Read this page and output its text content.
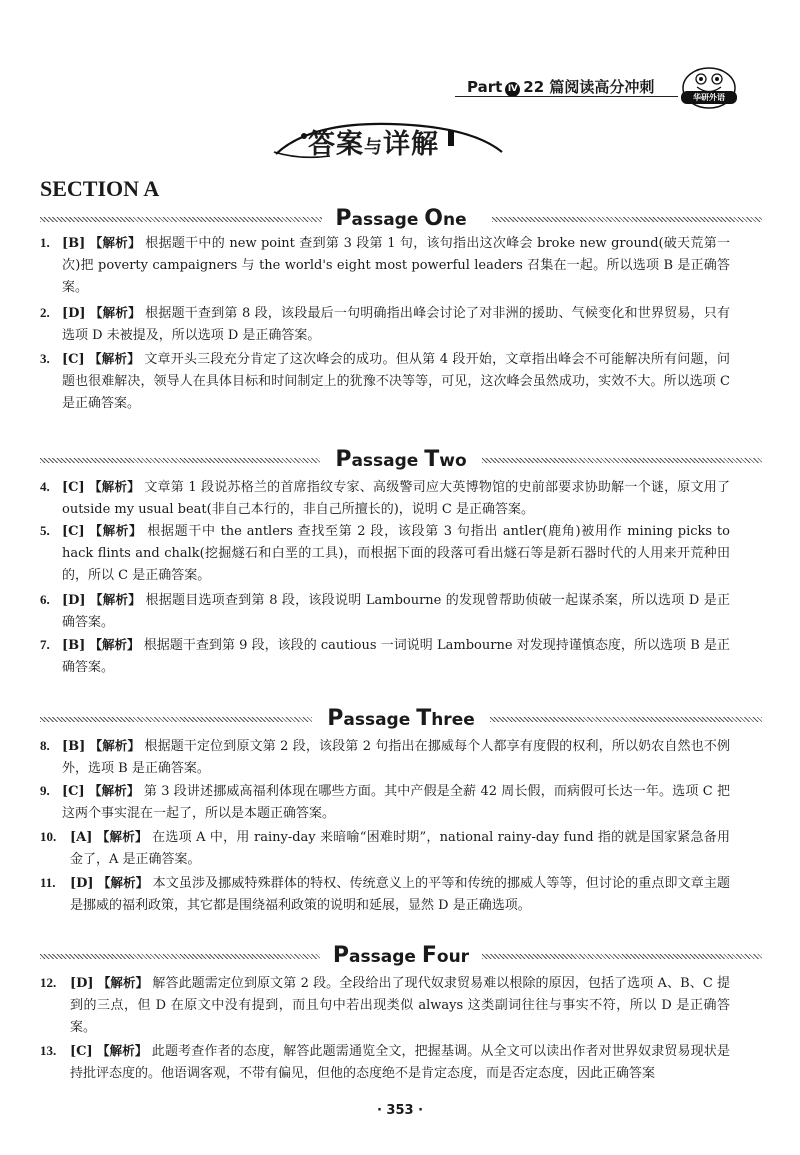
Part Ⅳ 22 篇阅读高分冲刺
华研外语
答案与详解
SECTION A
Passage One
1. [B] 【解析】 根据题干中的 new point 查到第 3 段第 1 句，该句指出这次峰会 broke new ground(破天荒第一次)把 poverty campaigners 与 the world's eight most powerful leaders 召集在一起。所以选项 B 是正确答案。
2. [D] 【解析】 根据题干查到第 8 段，该段最后一句明确指出峰会讨论了对非洲的援助、气候变化和世界贸易，只有选项 D 未被提及，所以选项 D 是正确答案。
3. [C] 【解析】 文章开头三段充分肯定了这次峰会的成功。但从第 4 段开始，文章指出峰会不可能解决所有问题，问题也很难解决，领导人在具体目标和时间制定上的犹豫不决等等，可见，这次峰会虽然成功，实效不大。所以选项 C 是正确答案。
Passage Two
4. [C] 【解析】 文章第 1 段说苏格兰的首席指纹专家、高级警司应大英博物馆的史前部要求协助解一个谜，原文用了 outside my usual beat(非自己本行的，非自己所擅长的)，说明 C 是正确答案。
5. [C] 【解析】 根据题干中 the antlers 查找至第 2 段，该段第 3 句指出 antler(鹿角)被用作 mining picks to hack flints and chalk(挖掘燧石和白垩的工具)，而根据下面的段落可看出燧石等是新石器时代的人用来开荒种田的，所以 C 是正确答案。
6. [D] 【解析】 根据题目选项查到第 8 段，该段说明 Lambourne 的发现曾帮助侦破一起谋杀案，所以选项 D 是正确答案。
7. [B] 【解析】 根据题干查到第 9 段，该段的 cautious 一词说明 Lambourne 对发现持谨慎态度，所以选项 B 是正确答案。
Passage Three
8. [B] 【解析】 根据题干定位到原文第 2 段，该段第 2 句指出在挪威每个人都享有度假的权利，所以奶农自然也不例外，选项 B 是正确答案。
9. [C] 【解析】 第 3 段讲述挪威高福利体现在哪些方面。其中产假是全薪 42 周长假，而病假可长达一年。选项 C 把这两个事实混在一起了，所以是本题正确答案。
10. [A] 【解析】 在选项 A 中，用 rainy-day 来暗喻“困难时期”，national rainy-day fund 指的就是国家紧急备用金了，A 是正确答案。
11. [D] 【解析】 本文虽涉及挪威特殊群体的特权、传统意义上的平等和传统的挪威人等等，但讨论的重点即文章主题是挪威的福利政策，其它都是围绕福利政策的说明和延展，显然 D 是正确选项。
Passage Four
12. [D] 【解析】 解答此题需定位到原文第 2 段。全段给出了现代奴隶贸易难以根除的原因，包括了选项 A、B、C 提到的三点，但 D 在原文中没有提到，而且句中若出现类似 always 这类副词往往与事实不符，所以 D 是正确答案。
13. [C] 【解析】 此题考查作者的态度，解答此题需通览全文，把握基调。从全文可以读出作者对世界奴隶贸易现状是持批评态度的。他语调客观，不带有偏见，但他的态度绝不是肯定态度，而是否定态度，因此正确答案
· 353 ·
